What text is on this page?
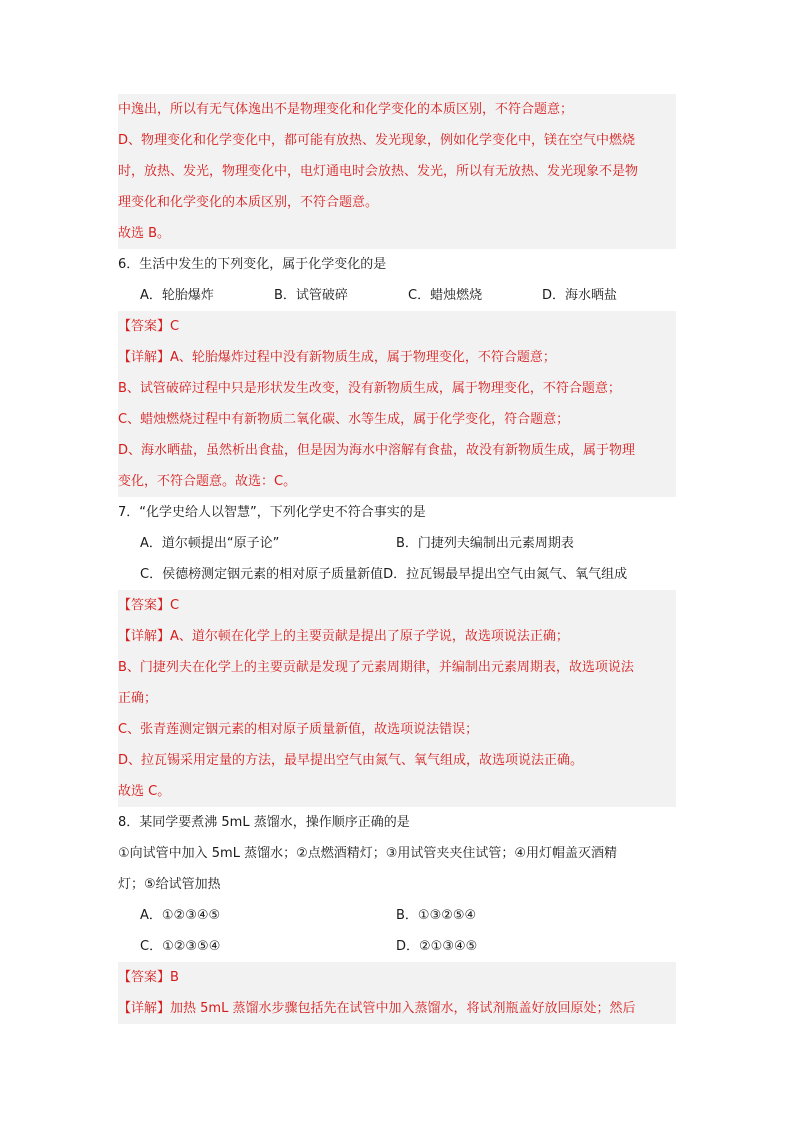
中逸出，所以有无气体逸出不是物理变化和化学变化的本质区别，不符合题意；
D、物理变化和化学变化中，都可能有放热、发光现象，例如化学变化中，镁在空气中燃烧
时，放热、发光，物理变化中，电灯通电时会放热、发光，所以有无放热、发光现象不是物
理变化和化学变化的本质区别，不符合题意。
故选 B。
6．生活中发生的下列变化，属于化学变化的是
A．轮胎爆炸	B．试管破碎	C．蜡烛燃烧	D．海水晒盐
【答案】C
【详解】A、轮胎爆炸过程中没有新物质生成，属于物理变化，不符合题意；
B、试管破碎过程中只是形状发生改变，没有新物质生成，属于物理变化，不符合题意；
C、蜡烛燃烧过程中有新物质二氧化碳、水等生成，属于化学变化，符合题意；
D、海水晒盐，虽然析出食盐，但是因为海水中溶解有食盐，故没有新物质生成，属于物理
变化，不符合题意。故选：C。
7．“化学史给人以智慧”，下列化学史不符合事实的是
A．道尔顿提出“原子论”	B．门捷列夫编制出元素周期表
C．侯德榜测定铟元素的相对原子质量新值 D．拉瓦锡最早提出空气由氮气、氧气组成
【答案】C
【详解】A、道尔顿在化学上的主要贡献是提出了原子学说，故选项说法正确；
B、门捷列夫在化学上的主要贡献是发现了元素周期律，并编制出元素周期表，故选项说法
正确；
C、张青莲测定铟元素的相对原子质量新值，故选项说法错误；
D、拉瓦锡采用定量的方法，最早提出空气由氮气、氧气组成，故选项说法正确。
故选 C。
8．某同学要煮沸 5mL 蒸馏水，操作顺序正确的是
①向试管中加入 5mL 蒸馏水；②点燃酒精灯；③用试管夹夹住试管；④用灯帽盖灭酒精
灯；⑤给试管加热
A．①②③④⑤	B．①③②⑤④
C．①②③⑤④	D．②①③④⑤
【答案】B
【详解】加热 5mL 蒸馏水步骤包括先在试管中加入蒸馏水，将试剂瓶盖好放回原处；然后
